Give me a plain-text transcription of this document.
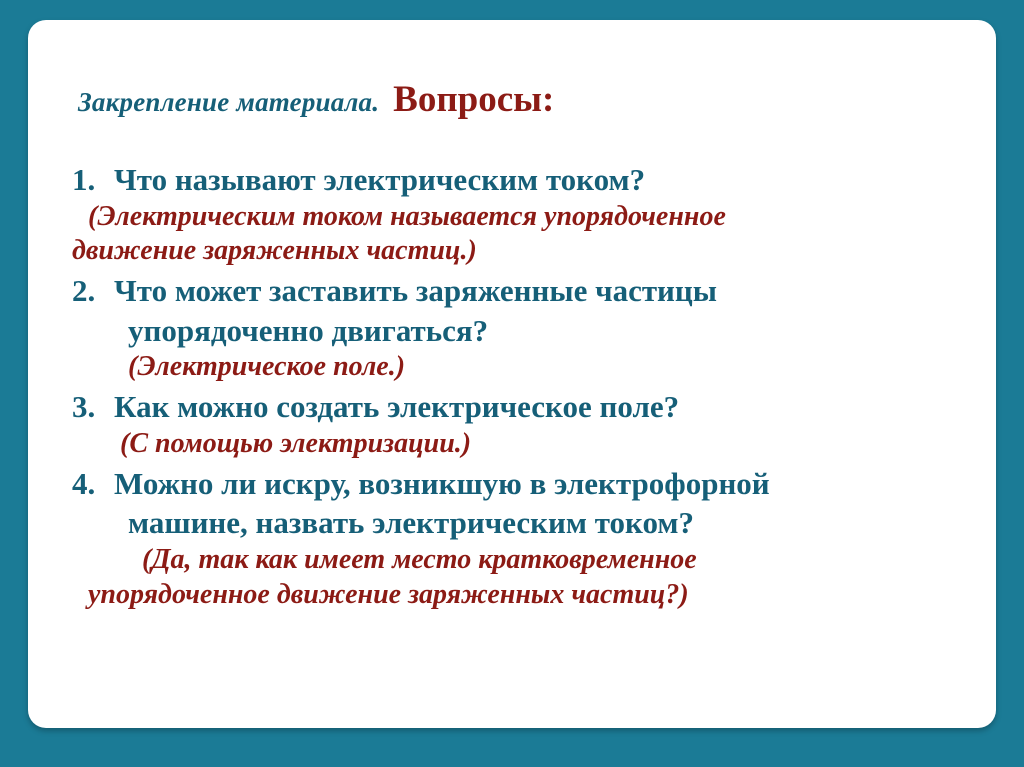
Закрепление материала. Вопросы:
1. Что называют электрическим током?
(Электрическим током называется упорядоченное
движение заряженных частиц.)
2. Что может заставить заряженные частицы
упорядоченно двигаться?
(Электрическое поле.)
3. Как можно создать электрическое поле?
(С помощью электризации.)
4. Можно ли искру, возникшую в электрофорной
машине, назвать электрическим током?
(Да, так как имеет место кратковременное
упорядоченное движение заряженных частиц?)
